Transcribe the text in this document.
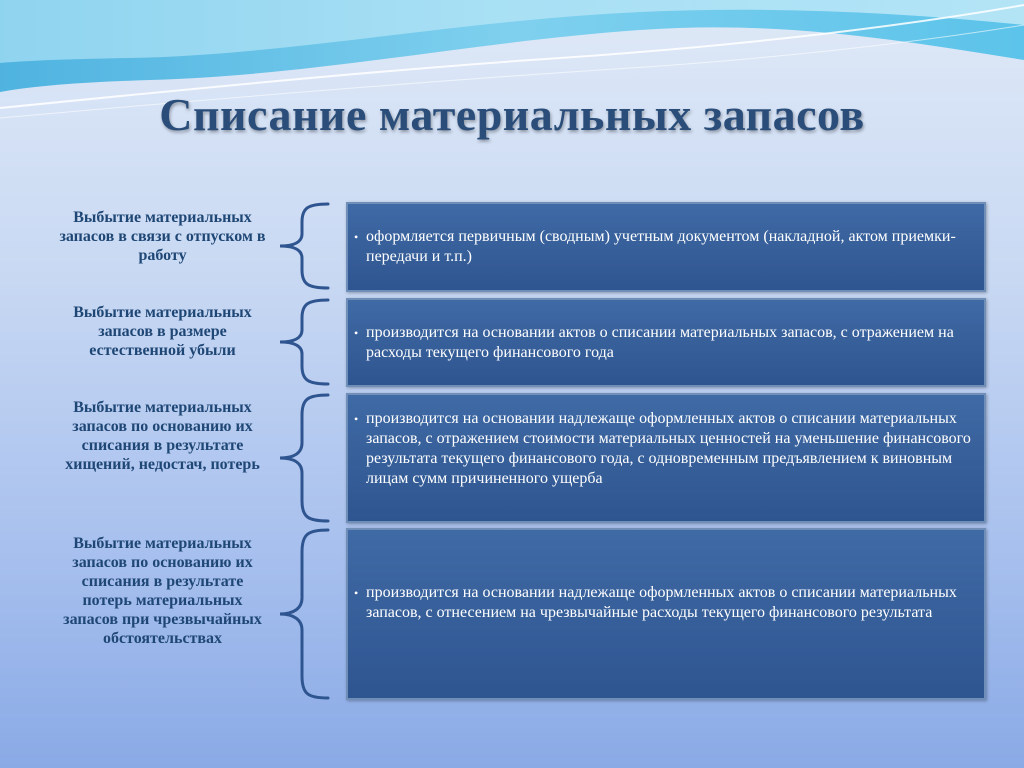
Списание материальных запасов
Выбытие материальных запасов в связи с отпуском в работу
• оформляется первичным (сводным) учетным документом (накладной, актом приемки-передачи и т.п.)
Выбытие материальных запасов в размере естественной убыли
• производится на основании актов о списании материальных запасов, с отражением на расходы текущего финансового года
Выбытие материальных запасов по основанию их списания в результате хищений, недостач, потерь
• производится на основании надлежаще оформленных актов о списании материальных запасов, с отражением стоимости материальных ценностей на уменьшение финансового результата текущего финансового года, с одновременным предъявлением к виновным лицам сумм причиненного ущерба
Выбытие материальных запасов по основанию их списания в результате потерь материальных запасов при чрезвычайных обстоятельствах
• производится на основании надлежаще оформленных актов о списании материальных запасов, с отнесением на чрезвычайные расходы текущего финансового результата
